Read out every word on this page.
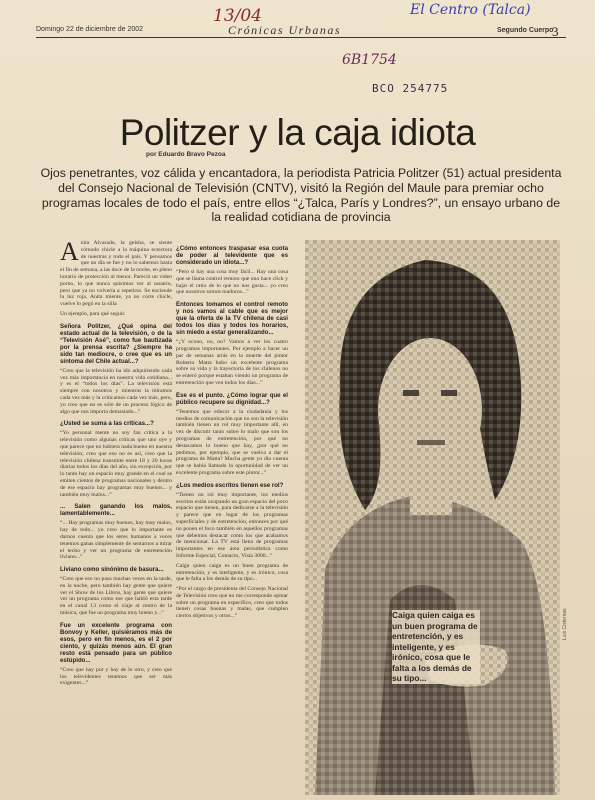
Domingo 22 de diciembre de 2002	Crónicas Urbanas	Segundo Cuerpo
3
13/04	El Centro (Talca)
6B1754
BCO 254775
Politzer y la caja idiota
por Eduardo Bravo Pezoa
Ojos penetrantes, voz cálida y encantadora, la periodista Patricia Politzer (51) actual presidenta del Consejo Nacional de Televisión (CNTV), visitó la Región del Maule para premiar ocho programas locales de todo el país, entre ellos “¿Talca, París y Londres?”, un ensayo urbano de la realidad cotidiana de provincia
Luis Cisternas

Anita Alvarado, la geisha, se siente cómodo chicle a la máquina ectectora de nuestras y todo el país. Y pensamos que un día se fue y no lo sabemos hasta el fin de semana, a las doce de la noche, en pleno horario de protección al menor. Pareció un video porno, lo que nunca quisimos ver al usuario, pero que ya no volvería a repetirse. Se enciende la luz roja, Anita miente, ya no corre chicle, vuelve lo pegó en la silla

Un ejemplo, para qué seguir.

Señora Politzer, ¿Qué opina del estado actual de la televisión, o de la “Televisión Asé”, como fue bautizada por la prensa escrita? ¿Siempre ha sido tan mediocre, o cree que es un síntoma del Chile actual...?

“Creo que la televisión ha ido adquiriendo cada vez más importancia en nuestra vida cotidiana... y es el “todos los días”. La televisión está siempre con nosotros y mientras la miramos cada vez más y la criticamos cada vez más, pero, yo creo que no es sólo de un proceso lógico de algo que nos importa demasiado...”

¿Usted se suma a las críticas...?

“Yo personal mente no soy fan crítica a la televisión como algunas críticas que uno oye y que parece que no hubiera nada bueno en nuestra televisión; creo que eso no es así, creo que la televisión chilena transmite entre 18 y 20 horas diarias todos los días del año, sin excepción, por lo tanto hay un espacio muy grande en el cual se emiten cientos de programas nacionales y dentro de ese espacio hay programas muy buenos... y también muy malos...”

... Salen ganando los malos, lamentablemente...

“... Hay programas muy buenos, hay muy malos, hay de todo... yo creo que lo importante es darnos cuenta que los seres humanos a veces tenemos ganas simplemente de sentarnos a mirar el techo y ver un programa de entretención liviano...”

Liviano como sinónimo de basura...

“Creo que eso no pasa muchas veces en la tarde, en la noche, pero también hay gente que quiere ver el Show de los Libros, hay gente que quiere ver un programa como ese que habló esta tarde en el canal 13 como el viaje al centro de la música, que fue un programa muy bueno y...”

Fue un excelente programa con Bonvoy y Keller, quisiéramos más de esos, pero en fin menos, es el 2 por ciento, y quizás menos aún. El gran resto está pensado para un público estúpido...

“Creo que hay por y hay de lo otro, y creo que los televidentes tenemos que ser más exigentes...”

¿Cómo entonces traspasar esa cuota de poder al televidente que es considerado un idiota...?

“Pero si hay una cosa muy fácil... Hay una cosa que se llama control remoto que uno hace click y bajar el ratio de lo que no nos gusta... yo creo que nosotros somos maduros...”

Entonces tomamos el control remoto y nos vamos al cable que es mejor que la oferta de la TV chilena de casi todos los días y todos los horarios, sin miedo a estar generalizando...

“¿Y ocooo, no, no? Vamos a ver los cuatro programas importantes. Por ejemplo a hacer un par de semanas atrás en la muerte del pintor Roberto Matta hubo un excelente programa sobre su vida y la trayectoria de los chilenos no se enteró porque estaban viendo un programa de entretención que ven todos los días...”

Ese es el punto. ¿Cómo lograr que el público recupere su dignidad...?

“Tenemos que educar a la ciudadanía y los medios de comunicación que no son la televisión también tienen un rol muy importante allí, en vez de discutir tanto sobre lo malo que son los programas de entretención, por qué no destacamos lo bueno que hay, ¿por qué no pedimos, por ejemplo, que se vuelva a dar el programa de Matta? Mucha gente yo dio cuenta que se había llamado la oportunidad de ver un excelente programa sobre este pintor...”

¿Los medios escritos tienen ese rol?

“Tienen un rol muy importante, los medios escritos están ocupando un gran espacio del poco espacio que tienen, para dedicarse a la televisión y parece que en lugar de los programas superficiales y de entretención, entonces por qué no ponen el foco también en aquellos programas que debemos destacar como los que acabamos de mencionar. La TV está lleno de programas importantes en ese área periodística como Informe Especial, Contacto, Vista 3000...”

Caiga quien caiga es un buen programa de entretención, y es inteligente, y es irónico, cosa que le falta a los demás de su tipo...

“Por el cargo de presidenta del Consejo Nacional de Televisión creo que no me corresponde opinar sobre un programa en específico, creo que todos tienen cosas buenas y malas, que cumplen ciertos objetivos y otros...”	Caiga quien caiga es un buen programa de entretención, y es inteligente, y es irónico, cosa que le falta a los demás de su tipo...
